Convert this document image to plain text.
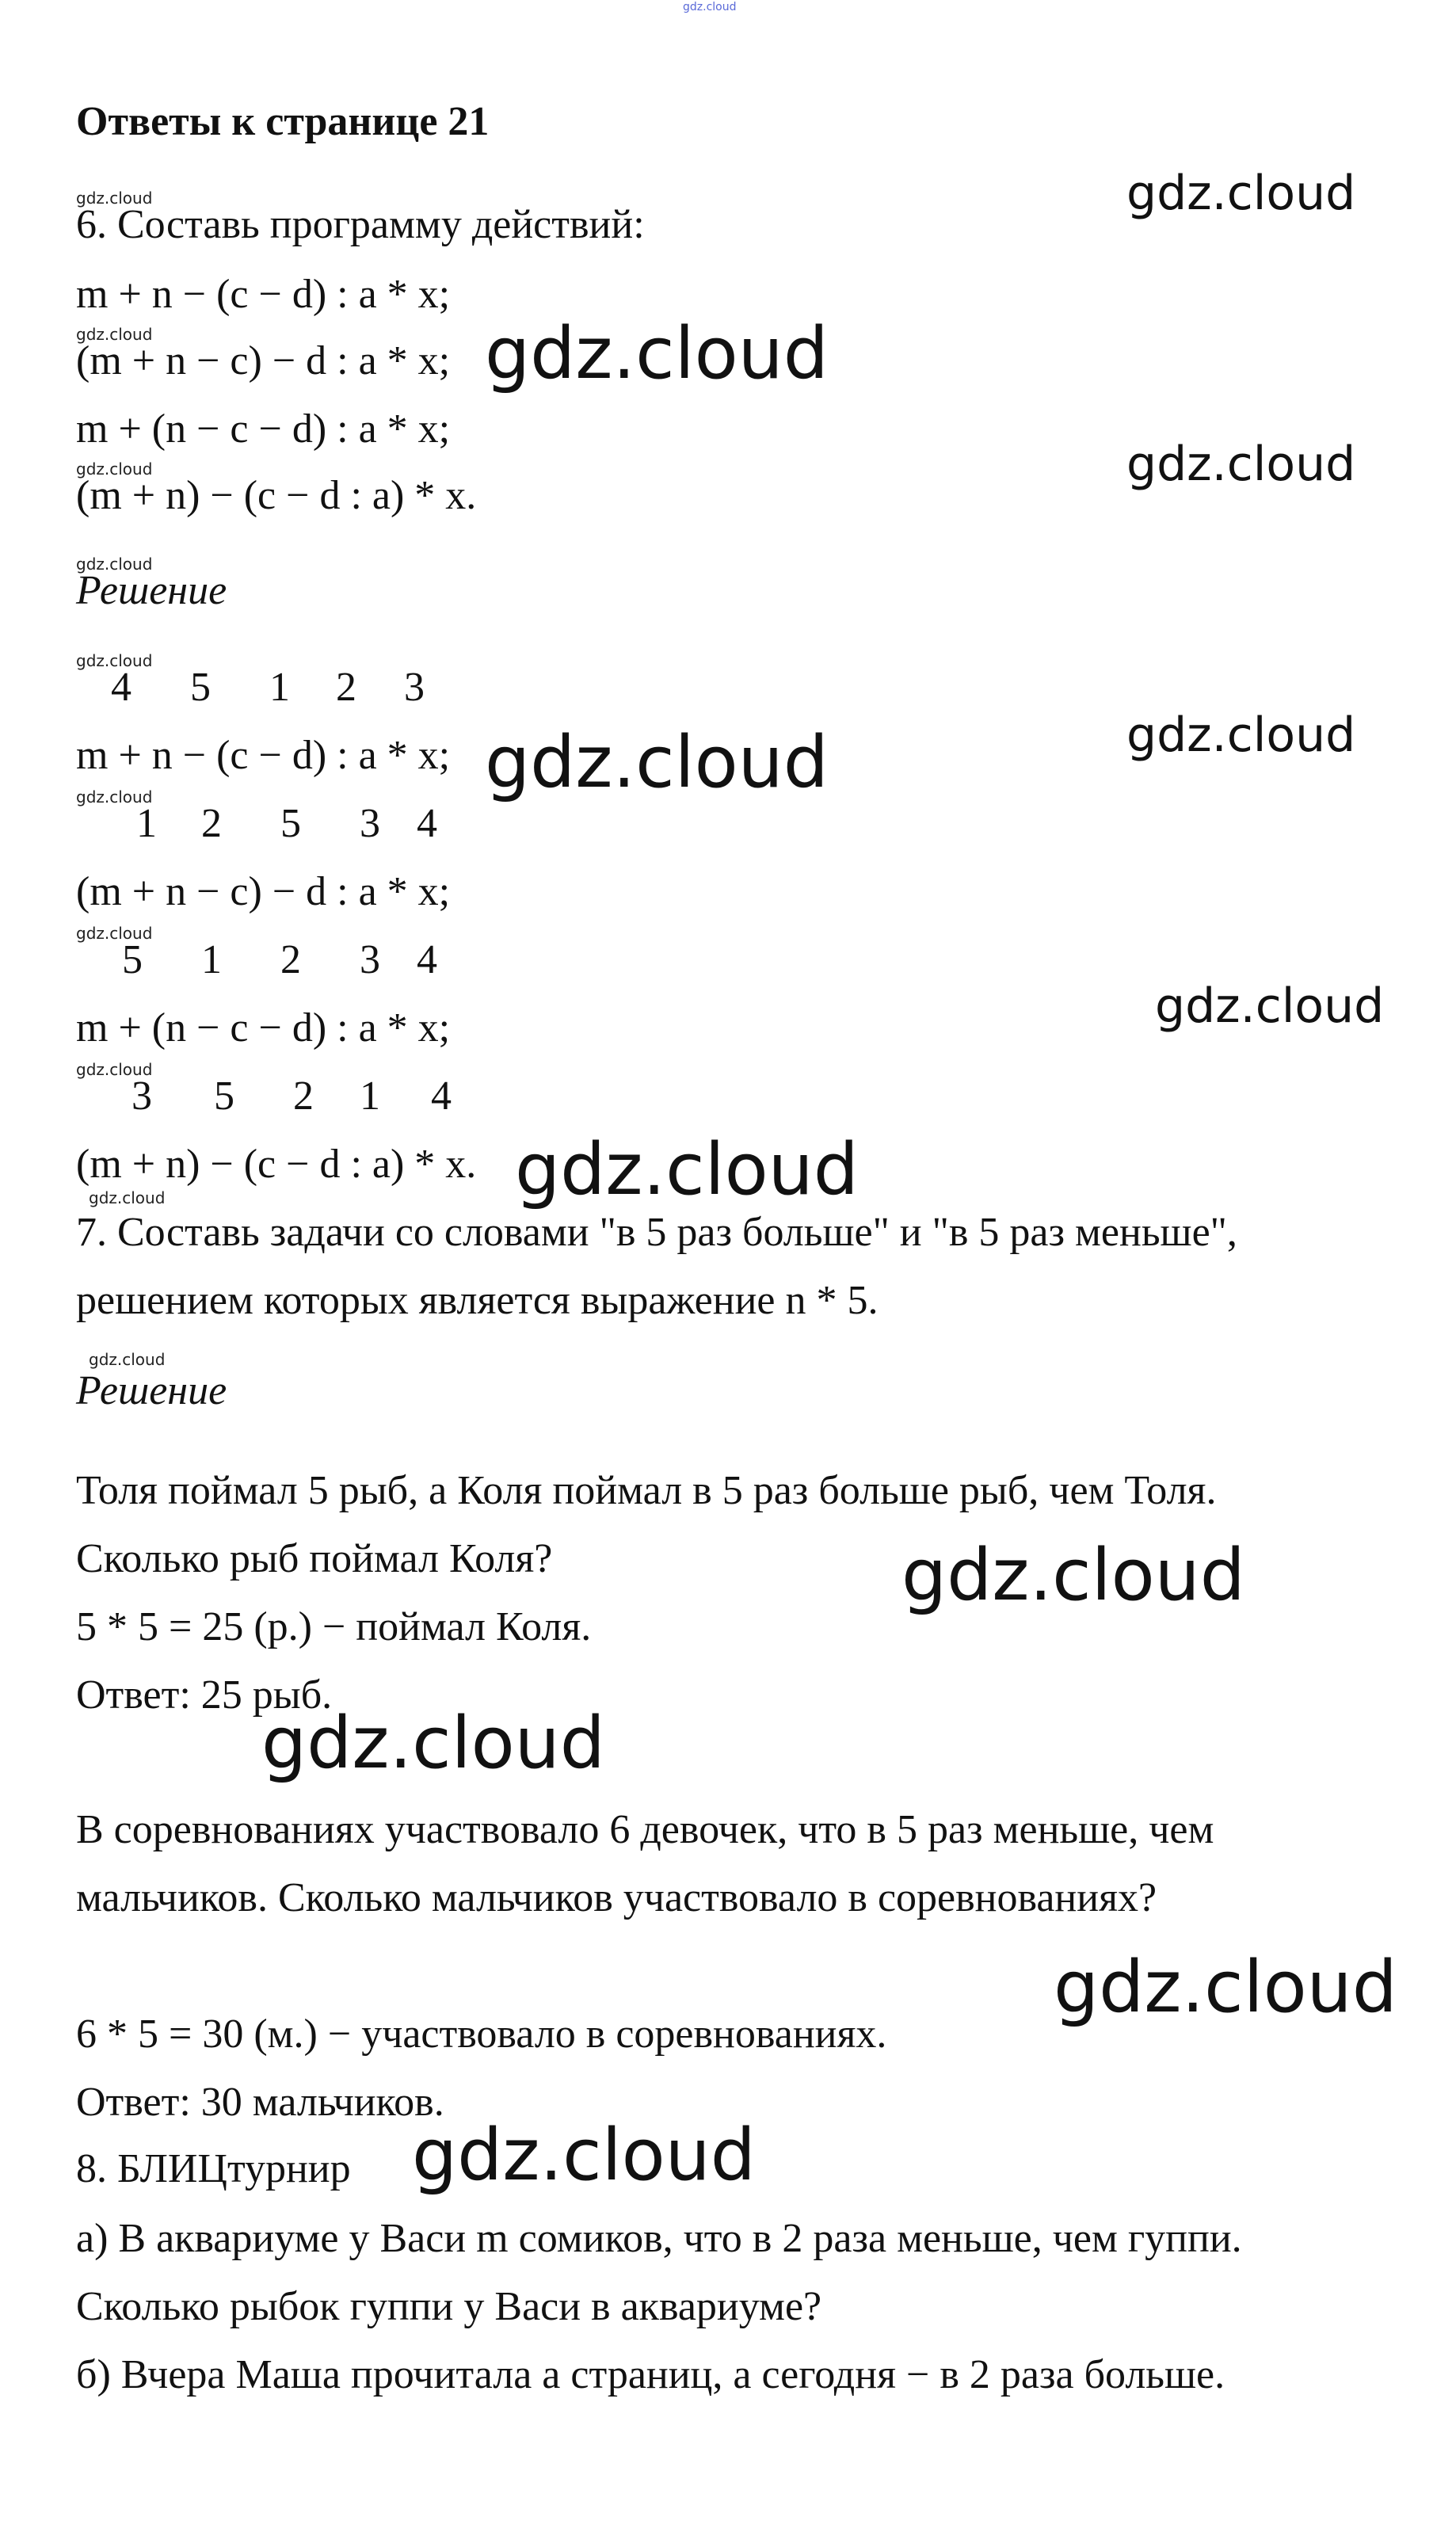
gdz.cloud
Ответы к странице 21
gdz.cloud
6. Составь программу действий:
gdz.cloud
m + n − (c − d) : a * x;
gdz.cloud
(m + n − c) − d : a * x; gdz.cloud
m + (n − c − d) : a * x;
gdz.cloud
gdz.cloud
(m + n) − (c − d : a) * x.
gdz.cloud
Решение
gdz.cloud
4 5 1 2 3
m + n − (c − d) : a * x; gdz.cloud	gdz.cloud
gdz.cloud
1 2 5 3 4
(m + n − c) − d : a * x;
gdz.cloud
5 1 2 3 4
m + (n − c − d) : a * x;	gdz.cloud
gdz.cloud
3 5 2 1 4
(m + n) − (c − d : a) * x. gdz.cloud
gdz.cloud
7. Составь задачи со словами "в 5 раз больше" и "в 5 раз меньше",
решением которых является выражение n * 5.
gdz.cloud
Решение
Толя поймал 5 рыб, а Коля поймал в 5 раз больше рыб, чем Толя.
Сколько рыб поймал Коля?	gdz.cloud
5 * 5 = 25 (р.) − поймал Коля.
Ответ: 25 рыб.
gdz.cloud
В соревнованиях участвовало 6 девочек, что в 5 раз меньше, чем
мальчиков. Сколько мальчиков участвовало в соревнованиях?
gdz.cloud
6 * 5 = 30 (м.) − участвовало в соревнованиях.
Ответ: 30 мальчиков.
8. БЛИЦтурнир gdz.cloud
а) В аквариуме у Васи m сомиков, что в 2 раза меньше, чем гуппи.
Сколько рыбок гуппи у Васи в аквариуме?
б) Вчера Маша прочитала a страниц, а сегодня − в 2 раза больше.
